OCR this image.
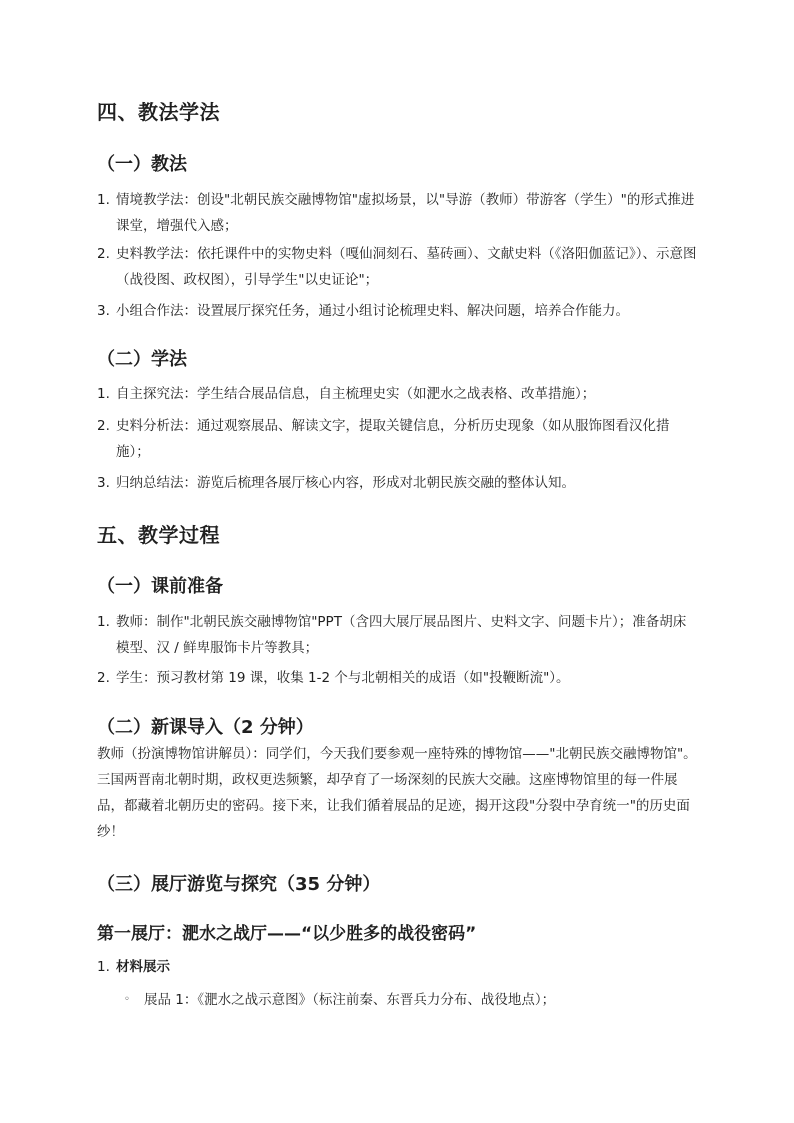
四、教法学法
（一）教法
1. 情境教学法：创设"北朝民族交融博物馆"虚拟场景，以"导游（教师）带游客（学生）"的形式推进课堂，增强代入感；
2. 史料教学法：依托课件中的实物史料（嘎仙洞刻石、墓砖画）、文献史料（《洛阳伽蓝记》）、示意图（战役图、政权图），引导学生"以史证论"；
3. 小组合作法：设置展厅探究任务，通过小组讨论梳理史料、解决问题，培养合作能力。
（二）学法
1. 自主探究法：学生结合展品信息，自主梳理史实（如淝水之战表格、改革措施）；
2. 史料分析法：通过观察展品、解读文字，提取关键信息，分析历史现象（如从服饰图看汉化措施）；
3. 归纳总结法：游览后梳理各展厅核心内容，形成对北朝民族交融的整体认知。
五、教学过程
（一）课前准备
1. 教师：制作"北朝民族交融博物馆"PPT（含四大展厅展品图片、史料文字、问题卡片）；准备胡床模型、汉 / 鲜卑服饰卡片等教具；
2. 学生：预习教材第 19 课，收集 1-2 个与北朝相关的成语（如"投鞭断流"）。
（二）新课导入（2 分钟）
教师（扮演博物馆讲解员）：同学们，今天我们要参观一座特殊的博物馆——"北朝民族交融博物馆"。三国两晋南北朝时期，政权更迭频繁，却孕育了一场深刻的民族大交融。这座博物馆里的每一件展品，都藏着北朝历史的密码。接下来，让我们循着展品的足迹，揭开这段"分裂中孕育统一"的历史面纱！
（三）展厅游览与探究（35 分钟）
第一展厅：淝水之战厅——“以少胜多的战役密码”
1. 材料展示
◦ 展品 1：《淝水之战示意图》（标注前秦、东晋兵力分布、战役地点）；
